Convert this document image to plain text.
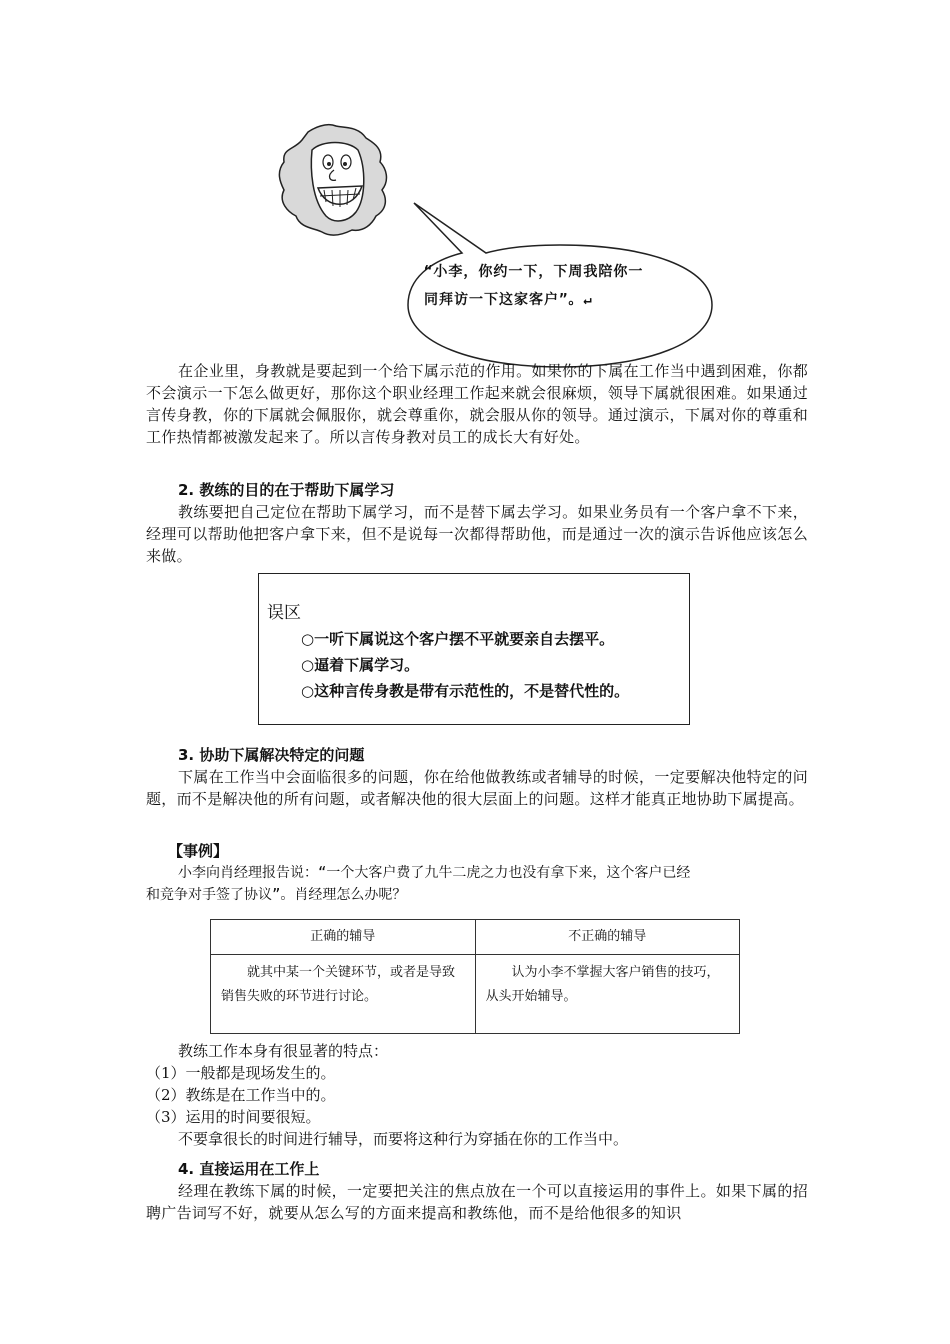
“小李，你约一下，下周我陪你一
同拜访一下这家客户”。↵
在企业里，身教就是要起到一个给下属示范的作用。如果你的下属在工作当中遇到困难，你都不会演示一下怎么做更好，那你这个职业经理工作起来就会很麻烦，领导下属就很困难。如果通过言传身教，你的下属就会佩服你，就会尊重你，就会服从你的领导。通过演示，下属对你的尊重和工作热情都被激发起来了。所以言传身教对员工的成长大有好处。
2. 教练的目的在于帮助下属学习
教练要把自己定位在帮助下属学习，而不是替下属去学习。如果业务员有一个客户拿不下来，经理可以帮助他把客户拿下来，但不是说每一次都得帮助他，而是通过一次的演示告诉他应该怎么来做。
误区
○一听下属说这个客户摆不平就要亲自去摆平。
○逼着下属学习。
○这种言传身教是带有示范性的，不是替代性的。
3. 协助下属解决特定的问题
下属在工作当中会面临很多的问题，你在给他做教练或者辅导的时候，一定要解决他特定的问题，而不是解决他的所有问题，或者解决他的很大层面上的问题。这样才能真正地协助下属提高。
【事例】
小李向肖经理报告说：“一个大客户费了九牛二虎之力也没有拿下来，这个客户已经
和竞争对手签了协议”。肖经理怎么办呢？
正确的辅导	不正确的辅导
就其中某一个关键环节，或者是导致销售失败的环节进行讨论。	认为小李不掌握大客户销售的技巧，从头开始辅导。
教练工作本身有很显著的特点：
（1）一般都是现场发生的。
（2）教练是在工作当中的。
（3）运用的时间要很短。
不要拿很长的时间进行辅导，而要将这种行为穿插在你的工作当中。
4. 直接运用在工作上
经理在教练下属的时候，一定要把关注的焦点放在一个可以直接运用的事件上。如果下属的招聘广告词写不好，就要从怎么写的方面来提高和教练他，而不是给他很多的知识
